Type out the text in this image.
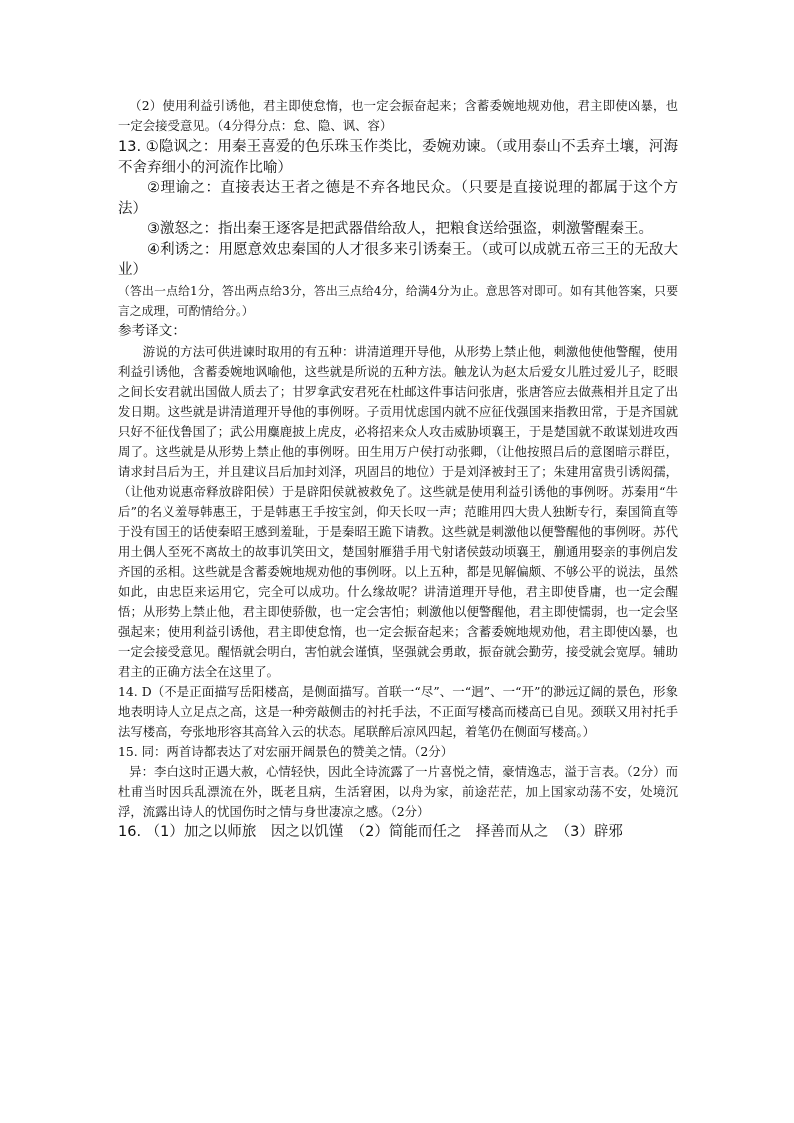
（2）使用利益引诱他，君主即使怠惰，也一定会振奋起来；含蓄委婉地规劝他，君主即使凶暴，也一定会接受意见。（4分得分点：怠、隐、讽、容）

13. ①隐讽之：用秦王喜爱的色乐珠玉作类比，委婉劝谏。（或用泰山不丢弃土壤，河海不舍弃细小的河流作比喻）

②理谕之：直接表达王者之德是不弃各地民众。（只要是直接说理的都属于这个方法）

③激怒之：指出秦王逐客是把武器借给敌人，把粮食送给强盗，刺激警醒秦王。

④利诱之：用愿意效忠秦国的人才很多来引诱秦王。（或可以成就五帝三王的无敌大业）

（答出一点给1分，答出两点给3分，答出三点给4分，给满4分为止。意思答对即可。如有其他答案，只要言之成理，可酌情给分。）

参考译文：

游说的方法可供进谏时取用的有五种：讲清道理开导他，从形势上禁止他，刺激他使他警醒，使用利益引诱他，含蓄委婉地讽喻他，这些就是所说的五种方法。触龙认为赵太后爱女儿胜过爱儿子，眨眼之间长安君就出国做人质去了；甘罗拿武安君死在杜邮这件事诘问张唐，张唐答应去做燕相并且定了出发日期。这些就是讲清道理开导他的事例呀。子贡用忧虑国内就不应征伐强国来指教田常，于是齐国就只好不征伐鲁国了；武公用麋鹿披上虎皮，必将招来众人攻击威胁顷襄王，于是楚国就不敢谋划进攻西周了。这些就是从形势上禁止他的事例呀。田生用万户侯打动张卿，（让他按照吕后的意图暗示群臣，请求封吕后为王，并且建议吕后加封刘泽，巩固吕的地位）于是刘泽被封王了；朱建用富贵引诱闳孺，（让他劝说惠帝释放辟阳侯）于是辟阳侯就被救免了。这些就是使用利益引诱他的事例呀。苏秦用“牛后”的名义羞辱韩惠王，于是韩惠王手按宝剑，仰天长叹一声；范睢用四大贵人独断专行，秦国简直等于没有国王的话使秦昭王感到羞耻，于是秦昭王跪下请教。这些就是刺激他以便警醒他的事例呀。苏代用土偶人至死不离故土的故事讥笑田文，楚国射雁猎手用弋射诸侯鼓动顷襄王，蒯通用娶亲的事例启发齐国的丞相。这些就是含蓄委婉地规劝他的事例呀。以上五种，都是见解偏颇、不够公平的说法，虽然如此，由忠臣来运用它，完全可以成功。什么缘故呢？讲清道理开导他，君主即使昏庸，也一定会醒悟；从形势上禁止他，君主即使骄傲，也一定会害怕；刺激他以便警醒他，君主即使懦弱，也一定会坚强起来；使用利益引诱他，君主即使怠惰，也一定会振奋起来；含蓄委婉地规劝他，君主即使凶暴，也一定会接受意见。醒悟就会明白，害怕就会谨慎，坚强就会勇敢，振奋就会勤劳，接受就会宽厚。辅助君主的正确方法全在这里了。

14. D（不是正面描写岳阳楼高，是侧面描写。首联一“尽”、一“迥”、一“开”的渺远辽阔的景色，形象地表明诗人立足点之高，这是一种旁敲侧击的衬托手法，不正面写楼高而楼高已自见。颈联又用衬托手法写楼高，夸张地形容其高耸入云的状态。尾联醉后凉风四起，着笔仍在侧面写楼高。）

15. 同：两首诗都表达了对宏丽开阔景色的赞美之情。（2分）

异：李白这时正遇大赦，心情轻快，因此全诗流露了一片喜悦之情，豪情逸志，溢于言表。（2分）而杜甫当时因兵乱漂流在外，既老且病，生活窘困，以舟为家，前途茫茫，加上国家动荡不安，处境沉浮，流露出诗人的忧国伤时之情与身世凄凉之感。（2分）

16. （1）加之以师旅　因之以饥馑　（2）简能而任之　择善而从之　（3）辟邪
